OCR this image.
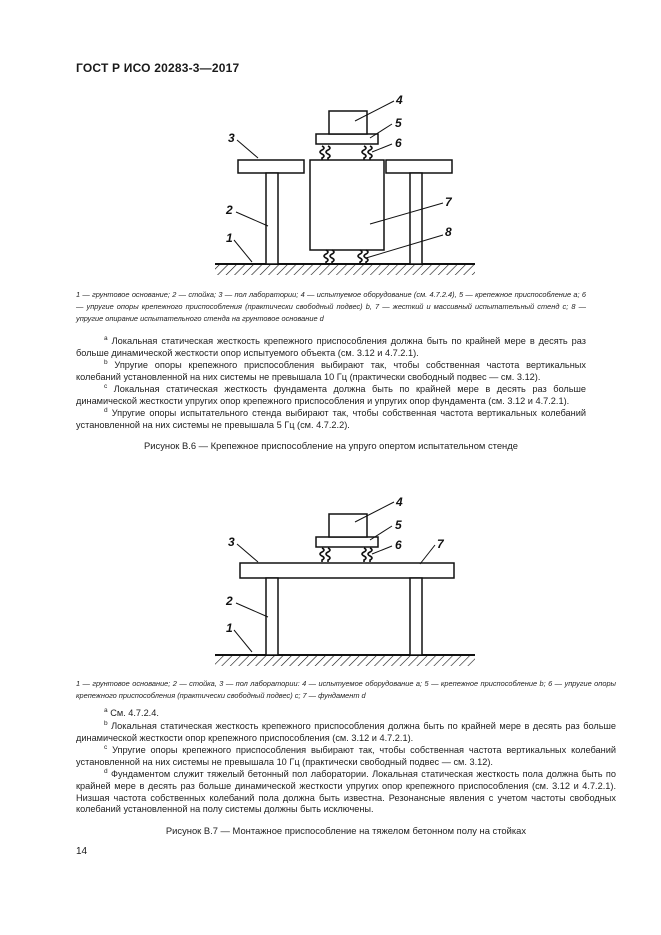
ГОСТ Р ИСО 20283-3—2017
3
2
1
4
5
6
7
8
1 — грунтовое основание; 2 — стойка; 3 — пол лаборатории; 4 — испытуемое оборудование (см. 4.7.2.4), 5 — крепежное приспособление a; 6 — упругие опоры крепежного приспособления (практически свободный подвес) b, 7 — жесткий и массивный испытательный стенд c; 8 — упругие опирание испытательного стенда на грунтовое основание d
$^a$ Локальная статическая жесткость крепежного приспособления должна быть по крайней мере в десять раз больше динамической жесткости опор испытуемого объекта (см. 3.12 и 4.7.2.1).
$^b$ Упругие опоры крепежного приспособления выбирают так, чтобы собственная частота вертикальных колебаний установленной на них системы не превышала 10 Гц (практически свободный подвес — см. 3.12).
$^c$ Локальная статическая жесткость фундамента должна быть по крайней мере в десять раз больше динамической жесткости упругих опор крепежного приспособления и упругих опор фундамента (см. 3.12 и 4.7.2.1).
$^d$ Упругие опоры испытательного стенда выбирают так, чтобы собственная частота вертикальных колебаний установленной на них системы не превышала 5 Гц (см. 4.7.2.2).
Рисунок В.6 — Крепежное приспособление на упруго опертом испытательном стенде
3
2
1
4
5
6	7
1 — грунтовое основание; 2 — стойка, 3 — пол лаборатории: 4 — испытуемое оборудование a; 5 — крепежное приспособление b; 6 — упругие опоры крепежного приспособления (практически свободный подвес) c; 7 — фундамент d
$^a$ См. 4.7.2.4.
$^b$ Локальная статическая жесткость крепежного приспособления должна быть по крайней мере в десять раз больше динамической жесткости опор крепежного приспособления (см. 3.12 и 4.7.2.1).
$^c$ Упругие опоры крепежного приспособления выбирают так, чтобы собственная частота вертикальных колебаний установленной на них системы не превышала 10 Гц (практически свободный подвес — см. 3.12).
$^d$ Фундаментом служит тяжелый бетонный пол лаборатории. Локальная статическая жесткость пола должна быть по крайней мере в десять раз больше динамической жесткости упругих опор крепежного приспособления (см. 3.12 и 4.7.2.1). Низшая частота собственных колебаний пола должна быть известна. Резонансные явления с учетом частоты свободных колебаний установленной на полу системы должны быть исключены.
Рисунок В.7 — Монтажное приспособление на тяжелом бетонном полу на стойках
14
